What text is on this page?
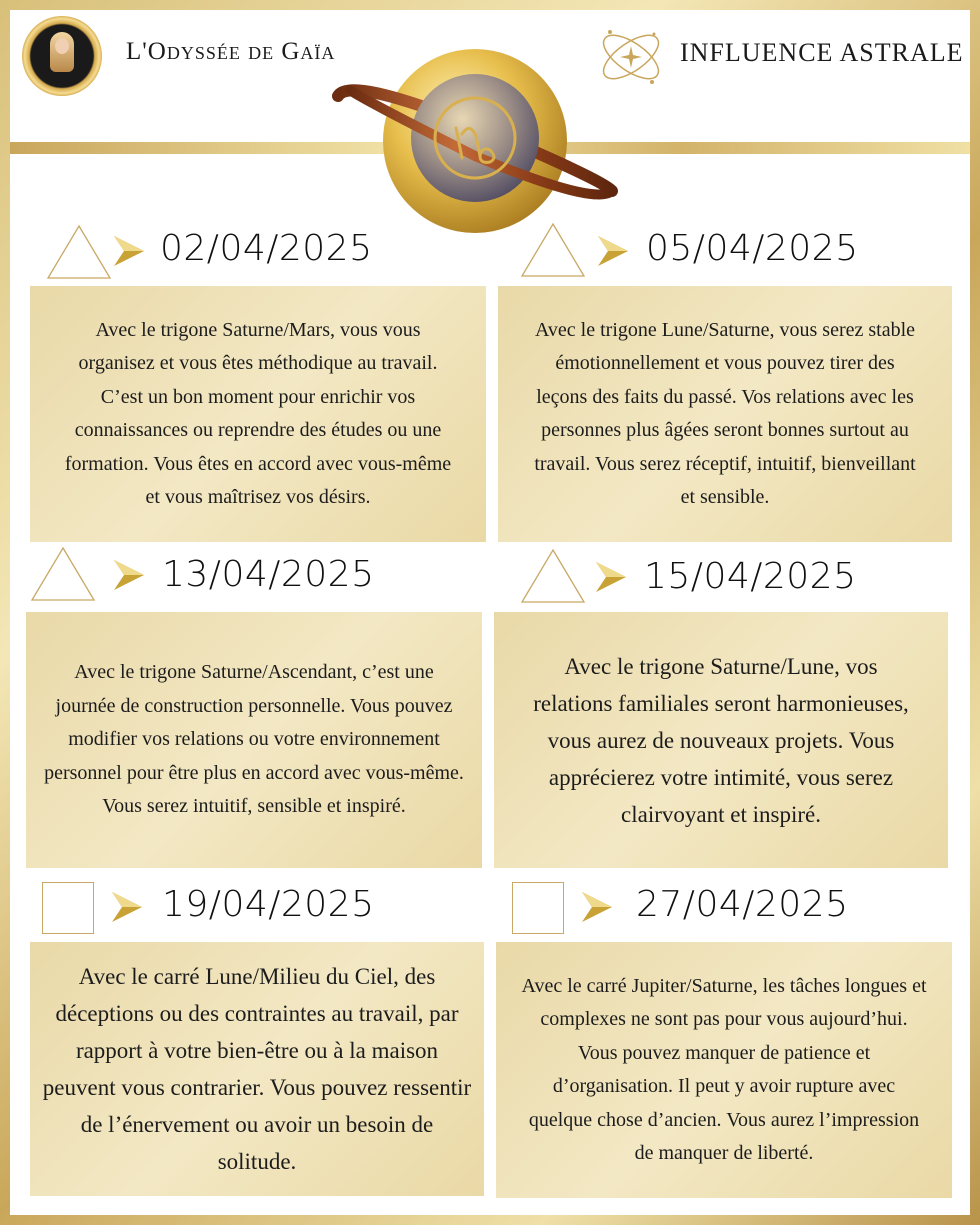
L'Odyssée de Gaïa	INFLUENCE ASTRALE
02/04/2025

Avec le trigone Saturne/Mars, vous vous organisez et vous êtes méthodique au travail. C’est un bon moment pour enrichir vos connaissances ou reprendre des études ou une formation. Vous êtes en accord avec vous-même et vous maîtrisez vos désirs.

05/04/2025

Avec le trigone Lune/Saturne, vous serez stable émotionnellement et vous pouvez tirer des leçons des faits du passé. Vos relations avec les personnes plus âgées seront bonnes surtout au travail. Vous serez réceptif, intuitif, bienveillant et sensible.

13/04/2025

Avec le trigone Saturne/Ascendant, c’est une journée de construction personnelle. Vous pouvez modifier vos relations ou votre environnement personnel pour être plus en accord avec vous-même. Vous serez intuitif, sensible et inspiré.

15/04/2025

Avec le trigone Saturne/Lune, vos relations familiales seront harmonieuses, vous aurez de nouveaux projets. Vous apprécierez votre intimité, vous serez clairvoyant et inspiré.

19/04/2025

Avec le carré Lune/Milieu du Ciel, des déceptions ou des contraintes au travail, par rapport à votre bien-être ou à la maison peuvent vous contrarier. Vous pouvez ressentir de l’énervement ou avoir un besoin de solitude.

27/04/2025

Avec le carré Jupiter/Saturne, les tâches longues et complexes ne sont pas pour vous aujourd’hui. Vous pouvez manquer de patience et d’organisation. Il peut y avoir rupture avec quelque chose d’ancien. Vous aurez l’impression de manquer de liberté.
